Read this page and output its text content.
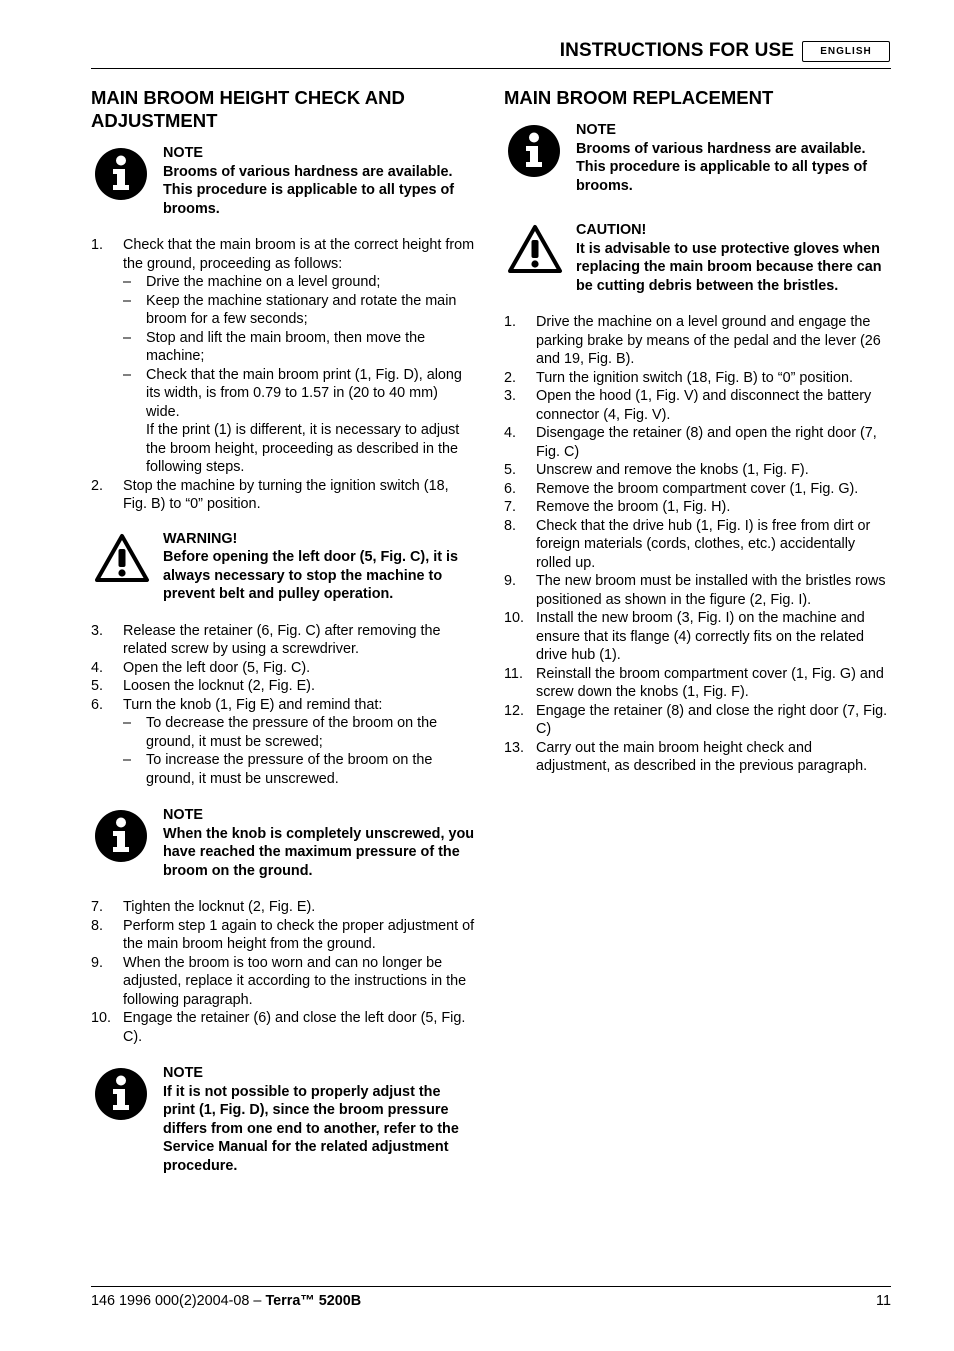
INSTRUCTIONS FOR USE	ENGLISH
MAIN BROOM HEIGHT CHECK AND ADJUSTMENT
NOTE
Brooms of various hardness are available. This procedure is applicable to all types of brooms.
1. Check that the main broom is at the correct height from the ground, proceeding as follows:
– Drive the machine on a level ground;
– Keep the machine stationary and rotate the main broom for a few seconds;
– Stop and lift the main broom, then move the machine;
– Check that the main broom print (1, Fig. D), along its width, is from 0.79 to 1.57 in (20 to 40 mm) wide.
If the print (1) is different, it is necessary to adjust the broom height, proceeding as described in the following steps.
2. Stop the machine by turning the ignition switch (18, Fig. B) to “0” position.
WARNING!
Before opening the left door (5, Fig. C), it is always necessary to stop the machine to prevent belt and pulley operation.
3. Release the retainer (6, Fig. C) after removing the related screw by using a screwdriver.
4. Open the left door (5, Fig. C).
5. Loosen the locknut (2, Fig. E).
6. Turn the knob (1, Fig E) and remind that:
– To decrease the pressure of the broom on the ground, it must be screwed;
– To increase the pressure of the broom on the ground, it must be unscrewed.
NOTE
When the knob is completely unscrewed, you have reached the maximum pressure of the broom on the ground.
7. Tighten the locknut (2, Fig. E).
8. Perform step 1 again to check the proper adjustment of the main broom height from the ground.
9. When the broom is too worn and can no longer be adjusted, replace it according to the instructions in the following paragraph.
10. Engage the retainer (6) and close the left door (5, Fig. C).
NOTE
If it is not possible to properly adjust the print (1, Fig. D), since the broom pressure differs from one end to another, refer to the Service Manual for the related adjustment procedure.
MAIN BROOM REPLACEMENT
NOTE
Brooms of various hardness are available. This procedure is applicable to all types of brooms.
CAUTION!
It is advisable to use protective gloves when replacing the main broom because there can be cutting debris between the bristles.
1. Drive the machine on a level ground and engage the parking brake by means of the pedal and the lever (26 and 19, Fig. B).
2. Turn the ignition switch (18, Fig. B) to “0” position.
3. Open the hood (1, Fig. V) and disconnect the battery connector (4, Fig. V).
4. Disengage the retainer (8) and open the right door (7, Fig. C)
5. Unscrew and remove the knobs (1, Fig. F).
6. Remove the broom compartment cover (1, Fig. G).
7. Remove the broom (1, Fig. H).
8. Check that the drive hub (1, Fig. I) is free from dirt or foreign materials (cords, clothes, etc.) accidentally rolled up.
9. The new broom must be installed with the bristles rows positioned as shown in the figure (2, Fig. I).
10. Install the new broom (3, Fig. I) on the machine and ensure that its flange (4) correctly fits on the related drive hub (1).
11. Reinstall the broom compartment cover (1, Fig. G) and screw down the knobs (1, Fig. F).
12. Engage the retainer (8) and close the right door (7, Fig. C)
13. Carry out the main broom height check and adjustment, as described in the previous paragraph.
146 1996 000(2)2004-08 – Terra™ 5200B	11
